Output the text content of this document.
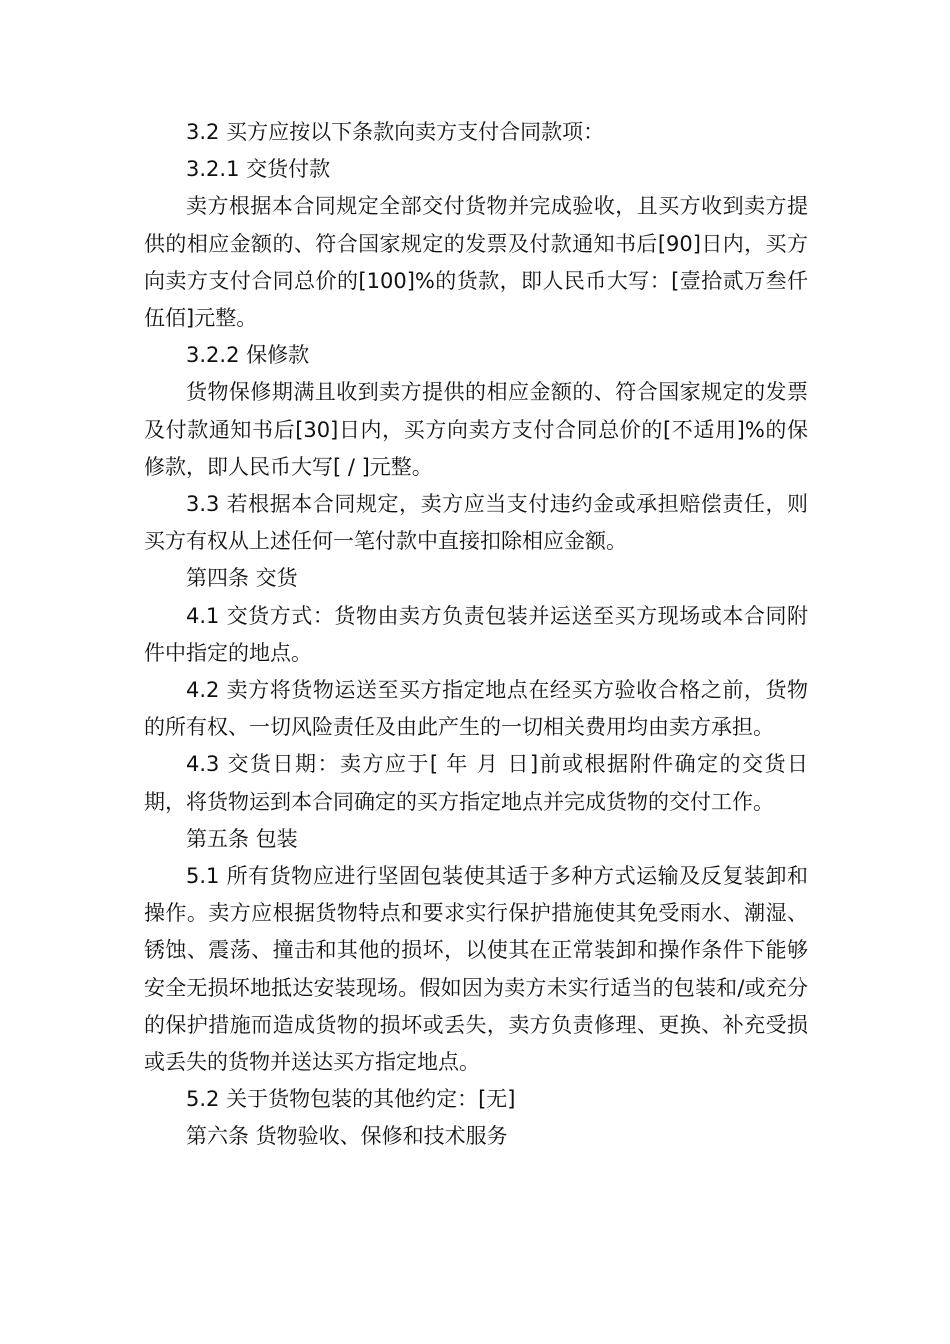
3.2 买方应按以下条款向卖方支付合同款项：

3.2.1 交货付款

卖方根据本合同规定全部交付货物并完成验收，且买方收到卖方提供的相应金额的、符合国家规定的发票及付款通知书后[90]日内，买方向卖方支付合同总价的[100]%的货款，即人民币大写：[壹拾贰万叁仟伍佰]元整。

3.2.2 保修款

货物保修期满且收到卖方提供的相应金额的、符合国家规定的发票及付款通知书后[30]日内，买方向卖方支付合同总价的[不适用]%的保修款，即人民币大写[ / ]元整。

3.3 若根据本合同规定，卖方应当支付违约金或承担赔偿责任，则买方有权从上述任何一笔付款中直接扣除相应金额。

第四条 交货

4.1 交货方式：货物由卖方负责包装并运送至买方现场或本合同附件中指定的地点。

4.2 卖方将货物运送至买方指定地点在经买方验收合格之前，货物的所有权、一切风险责任及由此产生的一切相关费用均由卖方承担。

4.3 交货日期：卖方应于[ 年 月 日]前或根据附件确定的交货日期，将货物运到本合同确定的买方指定地点并完成货物的交付工作。

第五条 包装

5.1 所有货物应进行坚固包装使其适于多种方式运输及反复装卸和操作。卖方应根据货物特点和要求实行保护措施使其免受雨水、潮湿、锈蚀、震荡、撞击和其他的损坏，以使其在正常装卸和操作条件下能够安全无损坏地抵达安装现场。假如因为卖方未实行适当的包装和/或充分的保护措施而造成货物的损坏或丢失，卖方负责修理、更换、补充受损或丢失的货物并送达买方指定地点。

5.2 关于货物包装的其他约定：[无]

第六条 货物验收、保修和技术服务
